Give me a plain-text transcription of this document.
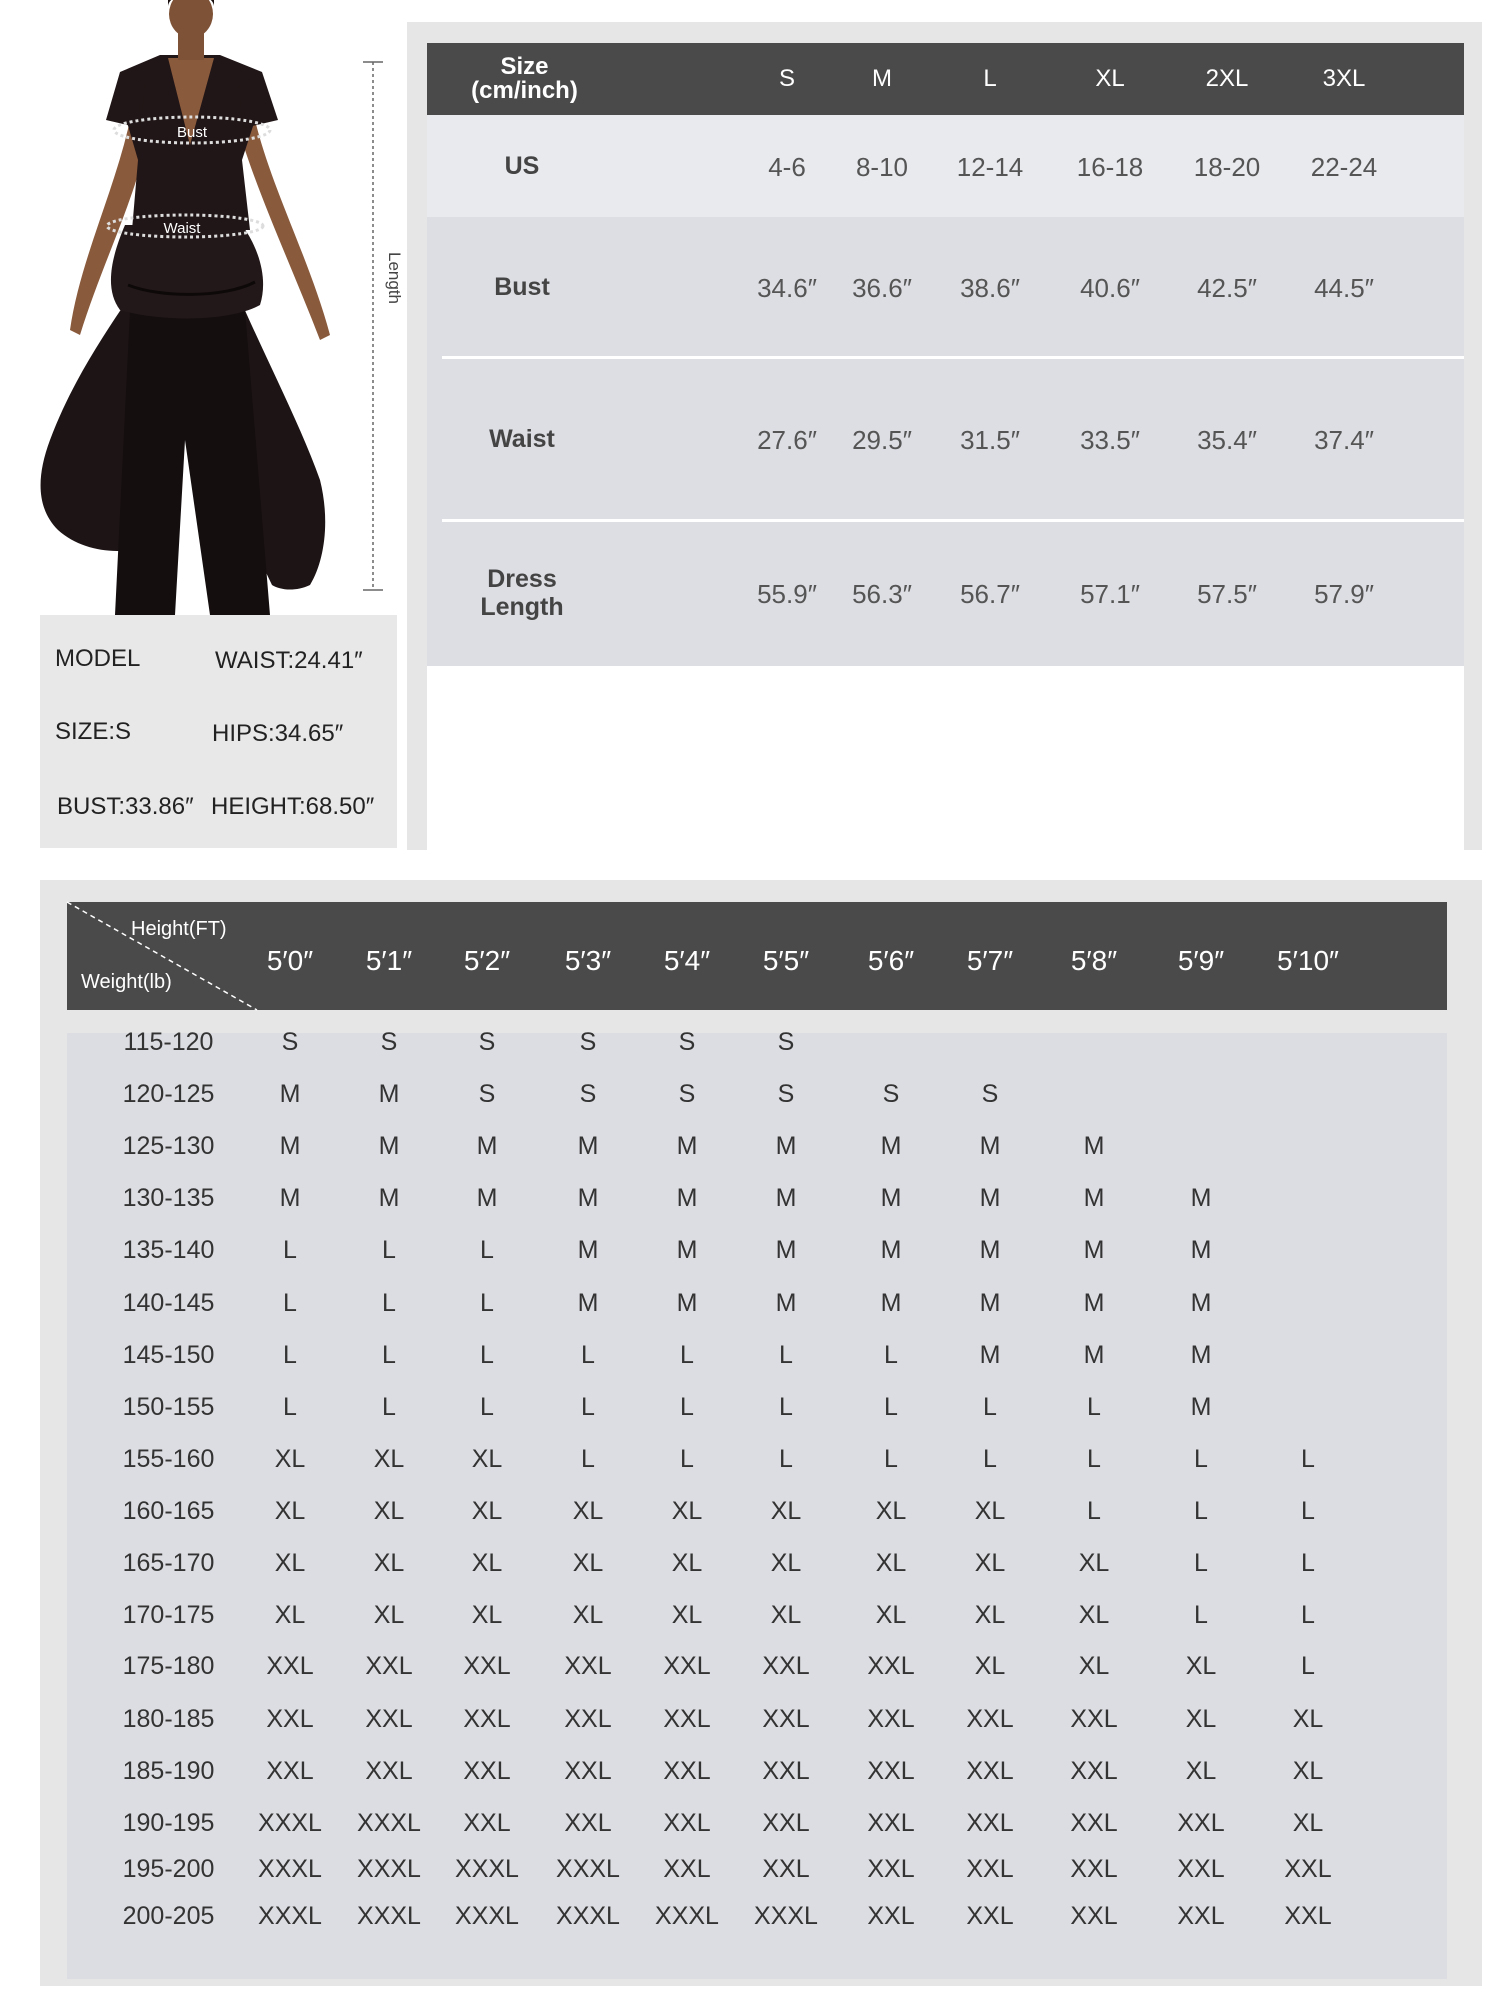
Bust
Waist
Length
MODEL	WAIST:24.41″
SIZE:S	HIPS:34.65″
BUST:33.86″ HEIGHT:68.50″
Size
(cm/inch)	S	M	L	XL	2XL	3XL
US	4-6	8-10	12-14	16-18	18-20	22-24
Bust	34.6″	36.6″	38.6″	40.6″	42.5″	44.5″
Waist	27.6″	29.5″	31.5″	33.5″	35.4″	37.4″
Dress
Length	55.9″	56.3″	56.7″	57.1″	57.5″	57.9″
Height(FT)
Weight(lb)
5′0″	5′1″	5′2″	5′3″	5′4″	5′5″	5′6″	5′7″	5′8″	5′9″	5′10″
115-120	S	S	S	S	S	S
120-125	M	M	S	S	S	S	S	S
125-130	M	M	M	M	M	M	M	M	M
130-135	M	M	M	M	M	M	M	M	M	M
135-140	L	L	L	M	M	M	M	M	M	M
140-145	L	L	L	M	M	M	M	M	M	M
145-150	L	L	L	L	L	L	L	M	M	M
150-155	L	L	L	L	L	L	L	L	L	M
155-160	XL	XL	XL	L	L	L	L	L	L	L	L
160-165	XL	XL	XL	XL	XL	XL	XL	XL	L	L	L
165-170	XL	XL	XL	XL	XL	XL	XL	XL	XL	L	L
170-175	XL	XL	XL	XL	XL	XL	XL	XL	XL	L	L
175-180	XXL	XXL	XXL	XXL	XXL	XXL	XXL	XL	XL	XL	L
180-185	XXL	XXL	XXL	XXL	XXL	XXL	XXL	XXL	XXL	XL	XL
185-190	XXL	XXL	XXL	XXL	XXL	XXL	XXL	XXL	XXL	XL	XL
190-195	XXXL	XXXL	XXL	XXL	XXL	XXL	XXL	XXL	XXL	XXL	XL
195-200	XXXL	XXXL	XXXL	XXXL	XXL	XXL	XXL	XXL	XXL	XXL	XXL
200-205	XXXL	XXXL	XXXL	XXXL	XXXL	XXXL	XXL	XXL	XXL	XXL	XXL
